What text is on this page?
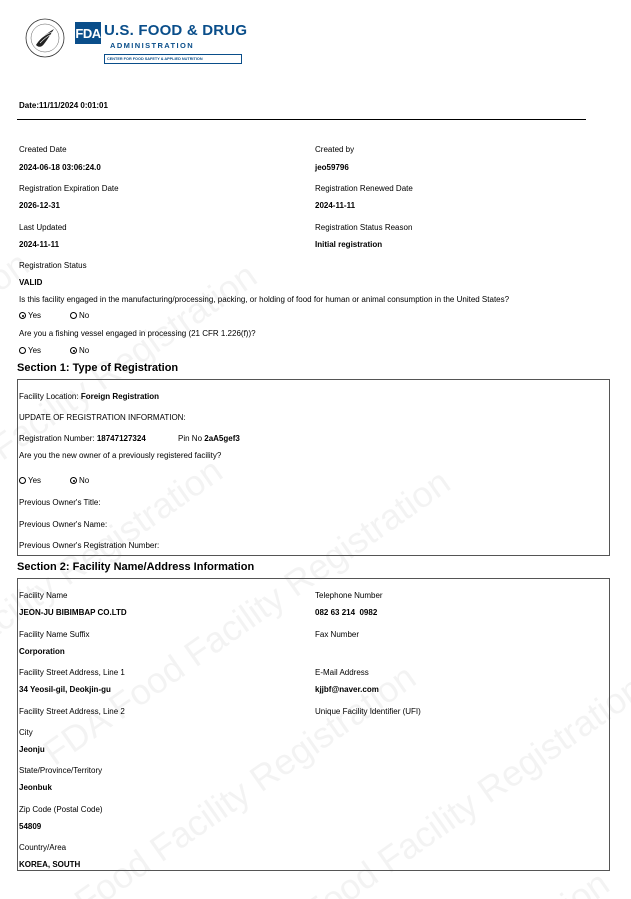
FDA U.S. FOOD & DRUG
ADMINISTRATION
CENTER FOR FOOD SAFETY & APPLIED NUTRITION
Date:11/11/2024 0:01:01
Created Date
2024-06-18 03:06:24.0
Created by
jeo59796
Registration Expiration Date
2026-12-31
Registration Renewed Date
2024-11-11
Last Updated
2024-11-11
Registration Status Reason
Initial registration
Registration Status
VALID
Is this facility engaged in the manufacturing/processing, packing, or holding of food for human or animal consumption in the United States?
Yes	No
Are you a fishing vessel engaged in processing (21 CFR 1.226(f))?
Yes	No
Section 1: Type of Registration
Facility Location: Foreign Registration
UPDATE OF REGISTRATION INFORMATION:
Registration Number: 18747127324	Pin No 2aA5gef3
Are you the new owner of a previously registered facility?
Yes	No
Previous Owner's Title:
Previous Owner's Name:
Previous Owner's Registration Number:
Section 2: Facility Name/Address Information
Facility Name
JEON-JU BIBIMBAP CO.LTD
Telephone Number
082 63 214  0982
Facility Name Suffix
Corporation
Fax Number
Facility Street Address, Line 1
34 Yeosil-gil, Deokjin-gu
E-Mail Address
kjjbf@naver.com
Facility Street Address, Line 2	Unique Facility Identifier (UFI)
City
Jeonju
State/Province/Territory
Jeonbuk
Zip Code (Postal Code)
54809
Country/Area
KOREA, SOUTH
